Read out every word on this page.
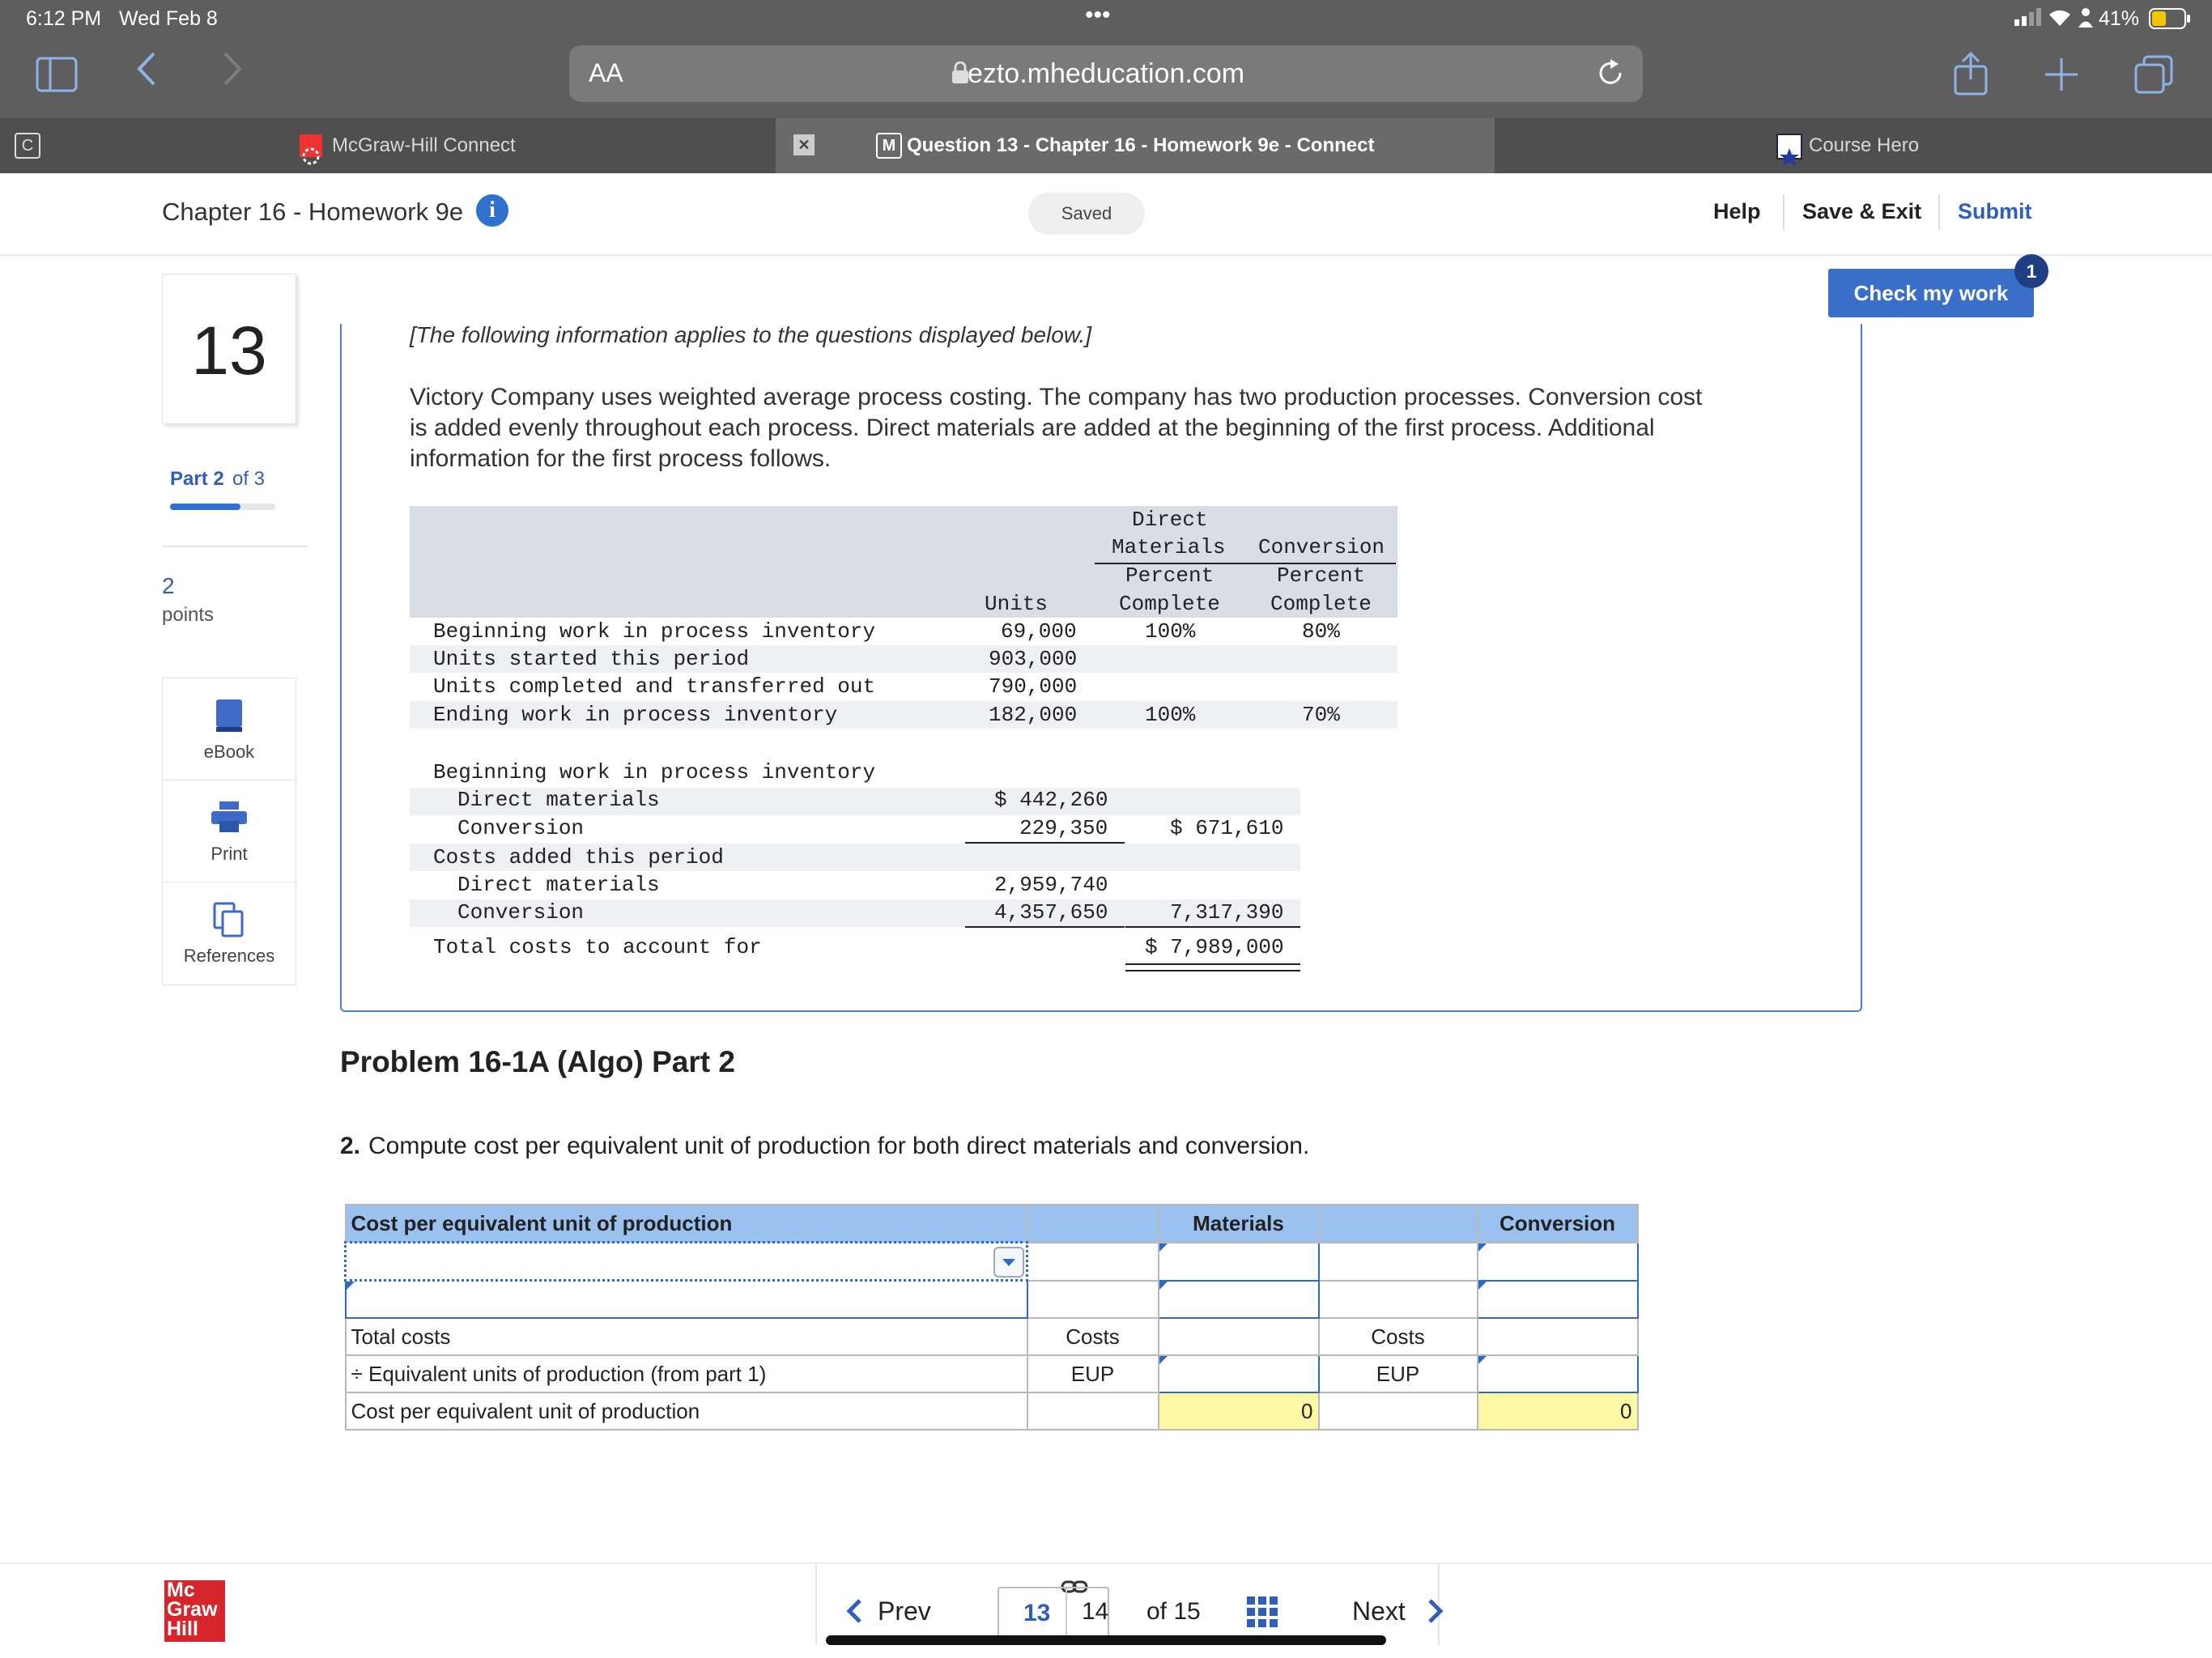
6:12 PM Wed Feb 8	•••	41%
AA	ezto.mheducation.com
C	McGraw-Hill Connect	✕	M Question 13 - Chapter 16 - Homework 9e - Connect	Course Hero
Chapter 16 - Homework 9e	i	Saved	Help Save & Exit Submit
Check my work
1
13
Part 2 of 3
2
points
eBook
Print
References
[The following information applies to the questions displayed below.]
Victory Company uses weighted average process costing. The company has two production processes. Conversion cost
is added evenly throughout each process. Direct materials are added at the beginning of the first process. Additional
information for the first process follows.
Direct
Materials Conversion
Percent	Percent
Units	Complete Complete
Beginning work in process inventory	69,000	100%	80%
Units started this period	903,000
Units completed and transferred out	790,000
Ending work in process inventory	182,000	100%	70%
Beginning work in process inventory
Direct materials	$ 442,260
Conversion	229,350	$ 671,610
Costs added this period
Direct materials	2,959,740
Conversion	4,357,650	7,317,390
Total costs to account for	$ 7,989,000
Problem 16-1A (Algo) Part 2
2. Compute cost per equivalent unit of production for both direct materials and conversion.
Cost per equivalent unit of production		Materials		Conversion

Total costs	Costs		Costs	
÷ Equivalent units of production (from part 1)	EUP		EUP	
Cost per equivalent unit of production		0		0
Mc
Graw
Hill
Prev	13 14 of 15	Next
